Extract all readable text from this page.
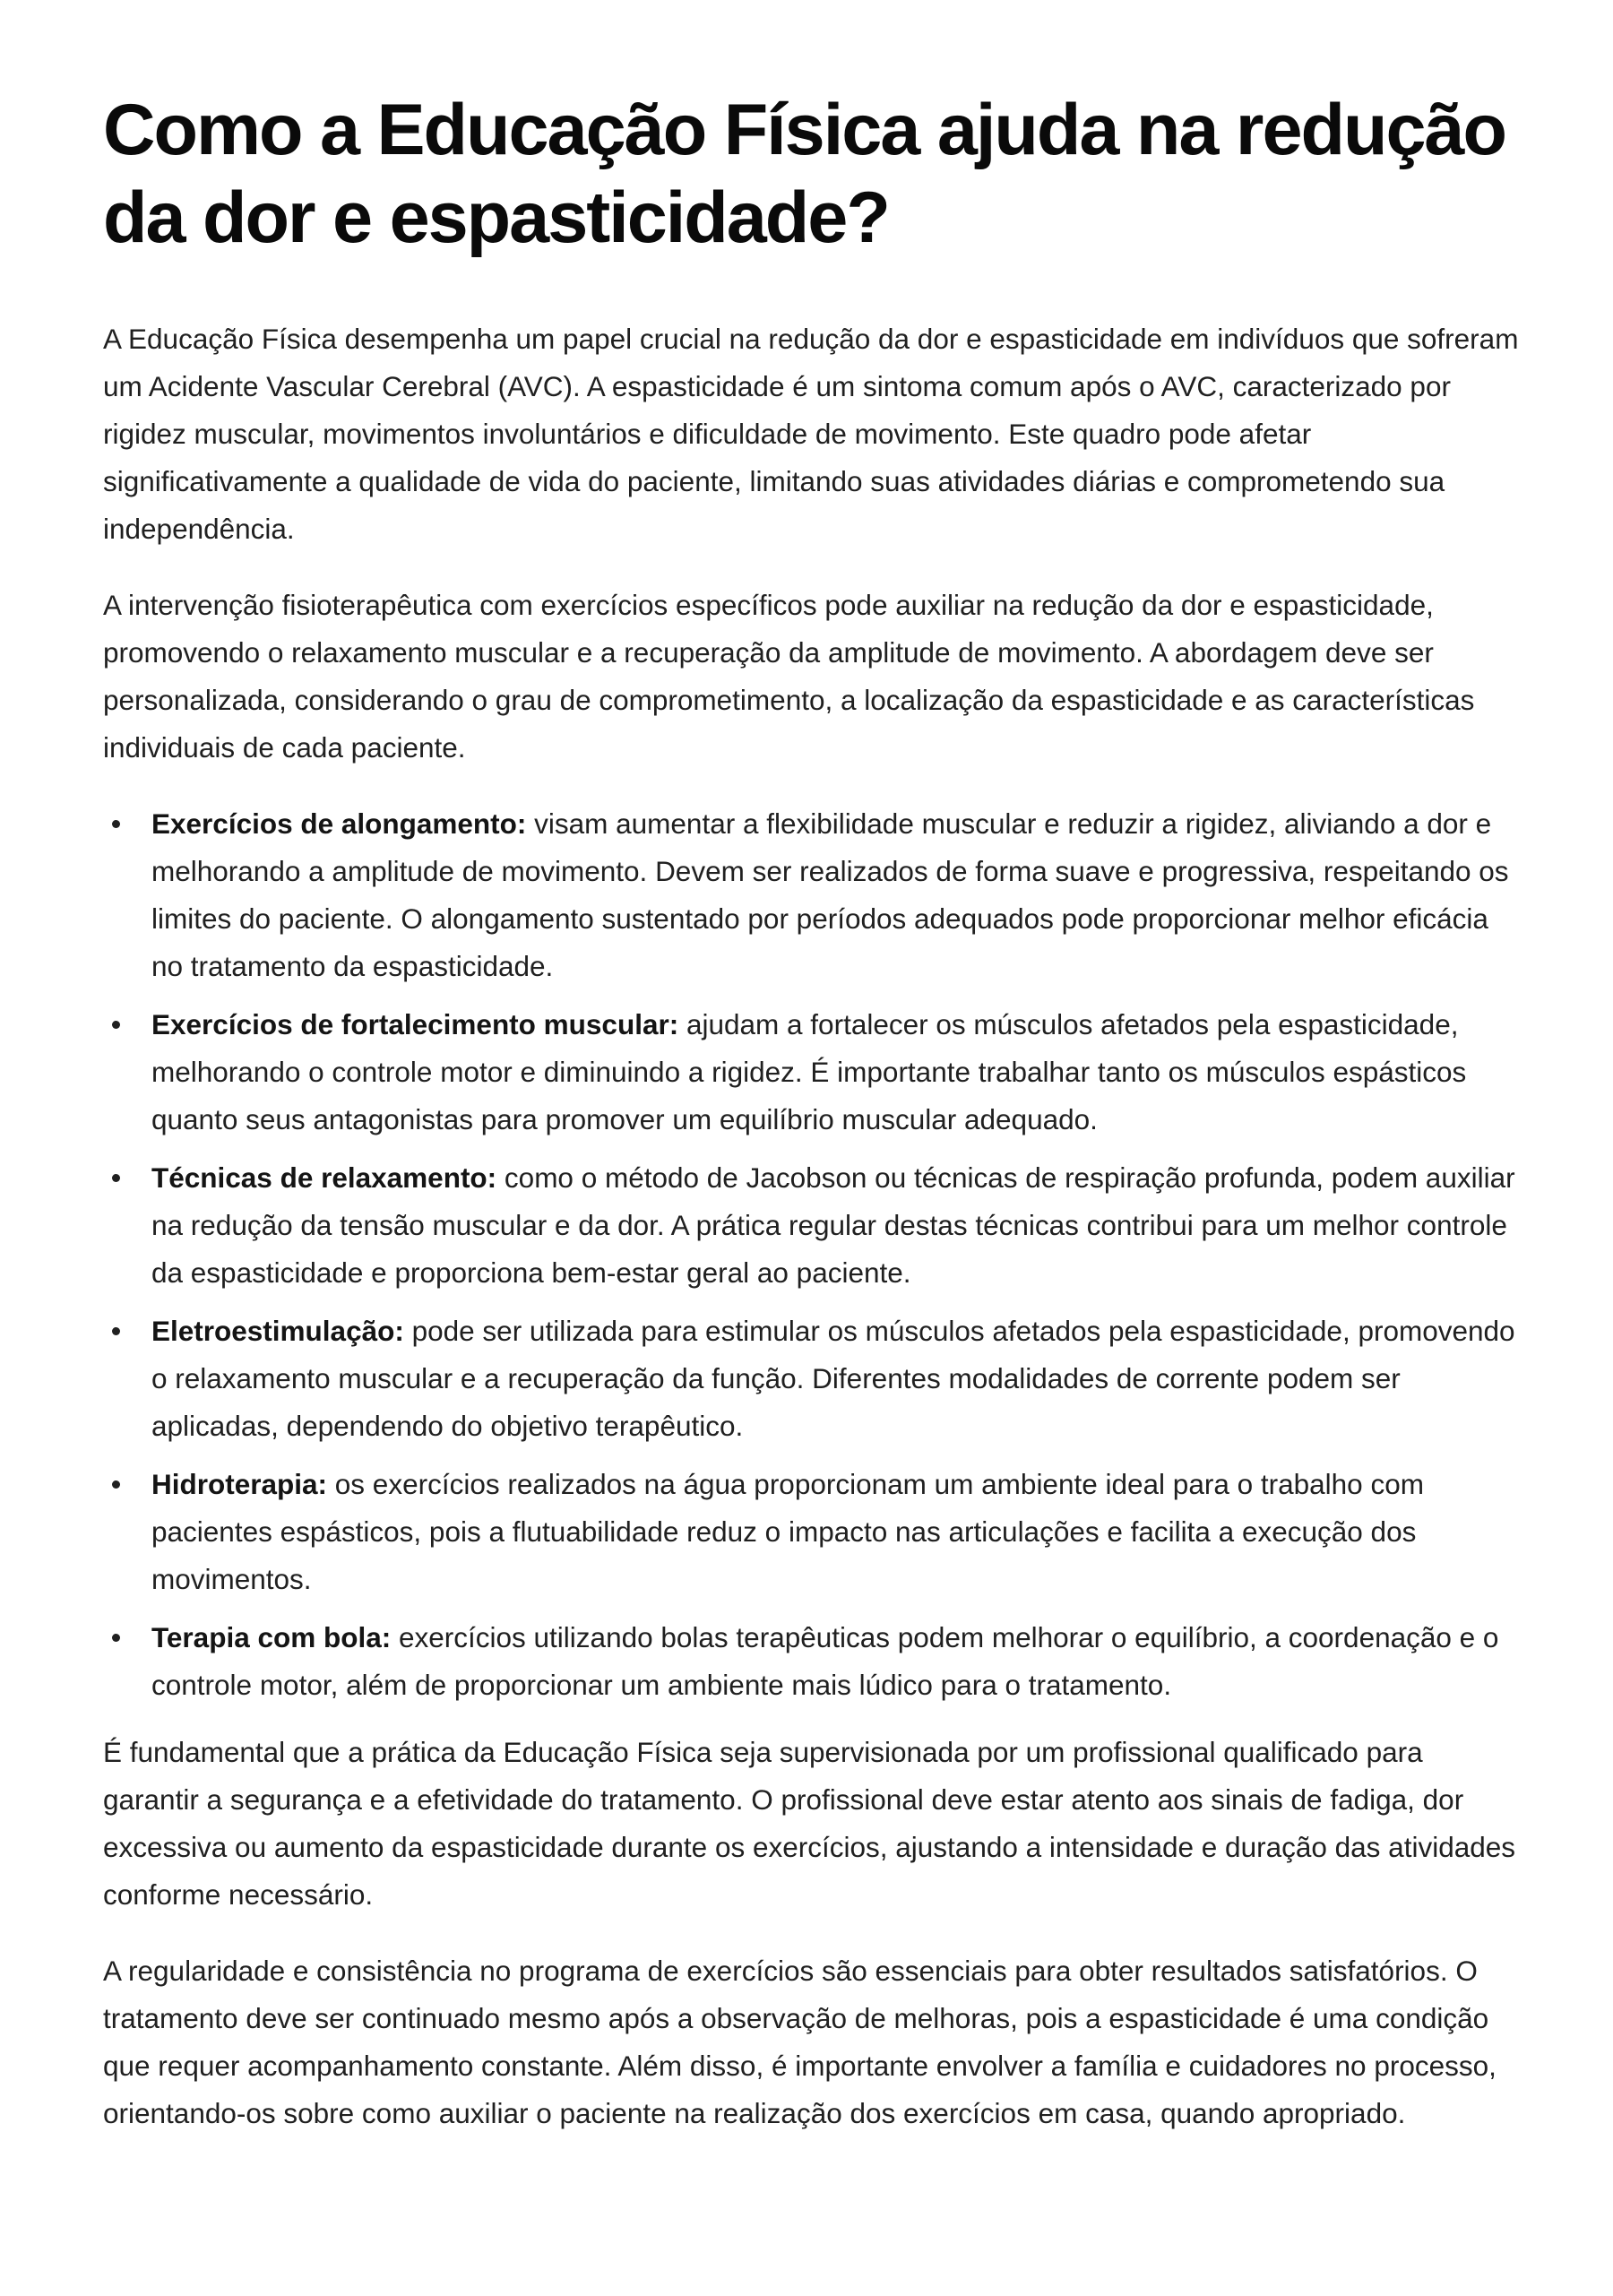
Como a Educação Física ajuda na redução da dor e espasticidade?

A Educação Física desempenha um papel crucial na redução da dor e espasticidade em indivíduos que sofreram um Acidente Vascular Cerebral (AVC). A espasticidade é um sintoma comum após o AVC, caracterizado por rigidez muscular, movimentos involuntários e dificuldade de movimento. Este quadro pode afetar significativamente a qualidade de vida do paciente, limitando suas atividades diárias e comprometendo sua independência.

A intervenção fisioterapêutica com exercícios específicos pode auxiliar na redução da dor e espasticidade, promovendo o relaxamento muscular e a recuperação da amplitude de movimento. A abordagem deve ser personalizada, considerando o grau de comprometimento, a localização da espasticidade e as características individuais de cada paciente.

Exercícios de alongamento: visam aumentar a flexibilidade muscular e reduzir a rigidez, aliviando a dor e melhorando a amplitude de movimento. Devem ser realizados de forma suave e progressiva, respeitando os limites do paciente. O alongamento sustentado por períodos adequados pode proporcionar melhor eficácia no tratamento da espasticidade.
Exercícios de fortalecimento muscular: ajudam a fortalecer os músculos afetados pela espasticidade, melhorando o controle motor e diminuindo a rigidez. É importante trabalhar tanto os músculos espásticos quanto seus antagonistas para promover um equilíbrio muscular adequado.
Técnicas de relaxamento: como o método de Jacobson ou técnicas de respiração profunda, podem auxiliar na redução da tensão muscular e da dor. A prática regular destas técnicas contribui para um melhor controle da espasticidade e proporciona bem-estar geral ao paciente.
Eletroestimulação: pode ser utilizada para estimular os músculos afetados pela espasticidade, promovendo o relaxamento muscular e a recuperação da função. Diferentes modalidades de corrente podem ser aplicadas, dependendo do objetivo terapêutico.
Hidroterapia: os exercícios realizados na água proporcionam um ambiente ideal para o trabalho com pacientes espásticos, pois a flutuabilidade reduz o impacto nas articulações e facilita a execução dos movimentos.
Terapia com bola: exercícios utilizando bolas terapêuticas podem melhorar o equilíbrio, a coordenação e o controle motor, além de proporcionar um ambiente mais lúdico para o tratamento.

É fundamental que a prática da Educação Física seja supervisionada por um profissional qualificado para garantir a segurança e a efetividade do tratamento. O profissional deve estar atento aos sinais de fadiga, dor excessiva ou aumento da espasticidade durante os exercícios, ajustando a intensidade e duração das atividades conforme necessário.

A regularidade e consistência no programa de exercícios são essenciais para obter resultados satisfatórios. O tratamento deve ser continuado mesmo após a observação de melhoras, pois a espasticidade é uma condição que requer acompanhamento constante. Além disso, é importante envolver a família e cuidadores no processo, orientando-os sobre como auxiliar o paciente na realização dos exercícios em casa, quando apropriado.
